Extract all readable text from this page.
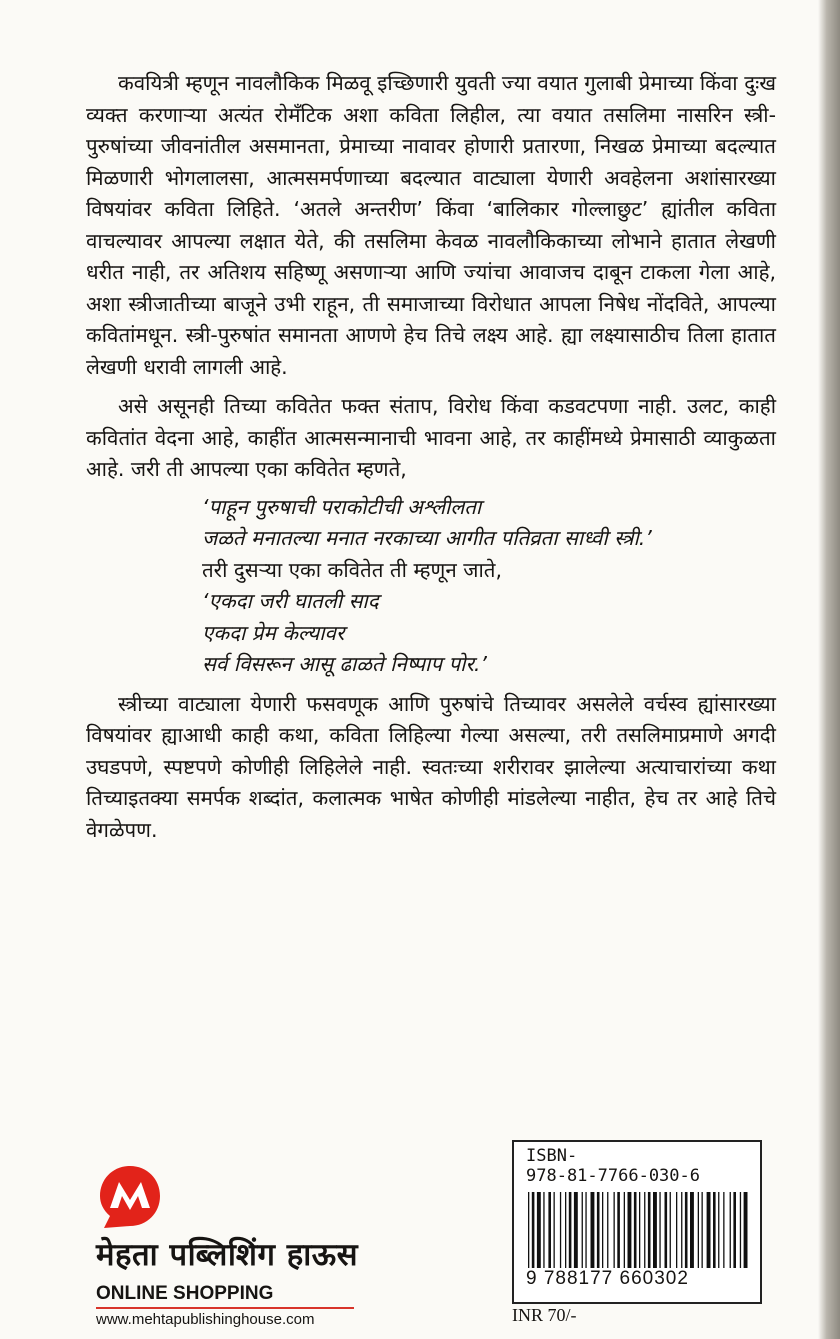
कवयित्री म्हणून नावलौकिक मिळवू इच्छिणारी युवती ज्या वयात गुलाबी प्रेमाच्या किंवा दुःख व्यक्त करणाऱ्या अत्यंत रोमँटिक अशा कविता लिहील, त्या वयात तसलिमा नासरिन स्त्री-पुरुषांच्या जीवनांतील असमानता, प्रेमाच्या नावावर होणारी प्रतारणा, निखळ प्रेमाच्या बदल्यात मिळणारी भोगलालसा, आत्मसमर्पणाच्या बदल्यात वाट्याला येणारी अवहेलना अशांसारख्या विषयांवर कविता लिहिते. ‘अतले अन्तरीण’ किंवा ‘बालिकार गोल्लाछुट’ ह्यांतील कविता वाचल्यावर आपल्या लक्षात येते, की तसलिमा केवळ नावलौकिकाच्या लोभाने हातात लेखणी धरीत नाही, तर अतिशय सहिष्णू असणाऱ्या आणि ज्यांचा आवाजच दाबून टाकला गेला आहे, अशा स्त्रीजातीच्या बाजूने उभी राहून, ती समाजाच्या विरोधात आपला निषेध नोंदविते, आपल्या कवितांमधून. स्त्री-पुरुषांत समानता आणणे हेच तिचे लक्ष्य आहे. ह्या लक्ष्यासाठीच तिला हातात लेखणी धरावी लागली आहे.

असे असूनही तिच्या कवितेत फक्त संताप, विरोध किंवा कडवटपणा नाही. उलट, काही कवितांत वेदना आहे, काहींत आत्मसन्मानाची भावना आहे, तर काहींमध्ये प्रेमासाठी व्याकुळता आहे. जरी ती आपल्या एका कवितेत म्हणते,

‘पाहून पुरुषाची पराकोटीची अश्लीलता
जळते मनातल्या मनात नरकाच्या आगीत पतिव्रता साध्वी स्त्री.’
तरी दुसऱ्या एका कवितेत ती म्हणून जाते,
‘एकदा जरी घातली साद
एकदा प्रेम केल्यावर
सर्व विसरून आसू ढाळते निष्पाप पोर.’

स्त्रीच्या वाट्याला येणारी फसवणूक आणि पुरुषांचे तिच्यावर असलेले वर्चस्व ह्यांसारख्या विषयांवर ह्याआधी काही कथा, कविता लिहिल्या गेल्या असल्या, तरी तसलिमाप्रमाणे अगदी उघडपणे, स्पष्टपणे कोणीही लिहिलेले नाही. स्वतःच्या शरीरावर झालेल्या अत्याचारांच्या कथा तिच्याइतक्या समर्पक शब्दांत, कलात्मक भाषेत कोणीही मांडलेल्या नाहीत, हेच तर आहे तिचे वेगळेपण.

मेहता पब्लिशिंग हाऊस
ONLINE SHOPPING
www.mehtapublishinghouse.com
ISBN-
978-81-7766-030-6
9 788177 660302
INR 70/-
